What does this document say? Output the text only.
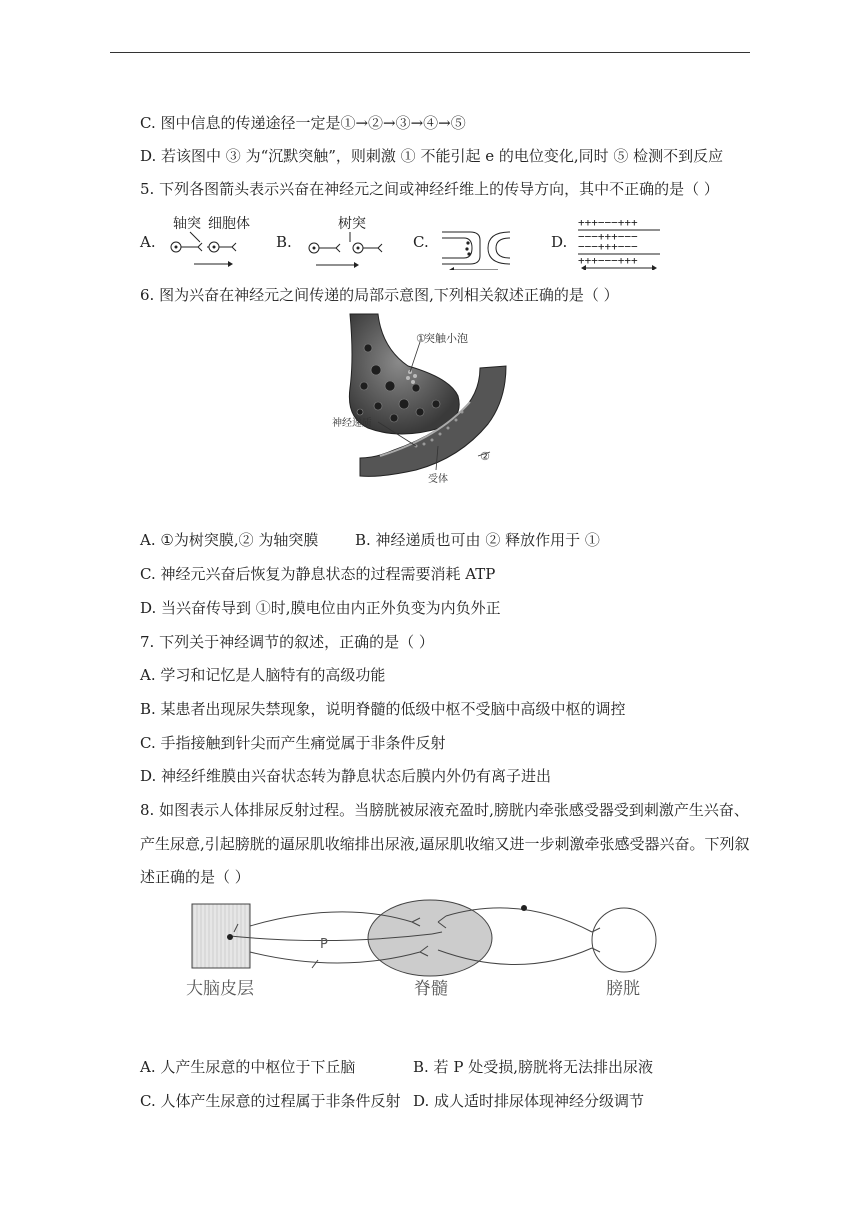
C. 图中信息的传递途径一定是①→②→③→④→⑤
D. 若该图中 ③ 为“沉默突触”，则刺激 ① 不能引起 e 的电位变化,同时 ⑤ 检测不到反应
5. 下列各图箭头表示兴奋在神经元之间或神经纤维上的传导方向，其中不正确的是（ ）
A.	B.	C.	D.
轴突 细胞体	树突	+++−−−+++
−−−+++−−−
−−−+++−−−
+++−−−+++
6. 图为兴奋在神经元之间传递的局部示意图,下列相关叙述正确的是（ ）
①
突触小泡
神经递质
②
受体
A. ①为树突膜,② 为轴突膜 B. 神经递质也可由 ② 释放作用于 ①
C. 神经元兴奋后恢复为静息状态的过程需要消耗 ATP
D. 当兴奋传导到 ①时,膜电位由内正外负变为内负外正
7. 下列关于神经调节的叙述，正确的是（ ）
A. 学习和记忆是人脑特有的高级功能
B. 某患者出现尿失禁现象，说明脊髓的低级中枢不受脑中高级中枢的调控
C. 手指接触到针尖而产生痛觉属于非条件反射
D. 神经纤维膜由兴奋状态转为静息状态后膜内外仍有离子进出
8. 如图表示人体排尿反射过程。当膀胱被尿液充盈时,膀胱内牵张感受器受到刺激产生兴奋、
产生尿意,引起膀胱的逼尿肌收缩排出尿液,逼尿肌收缩又进一步刺激牵张感受器兴奋。下列叙
述正确的是（ ）
P
大脑皮层	脊髓	膀胱
A. 人产生尿意的中枢位于下丘脑	B. 若 P 处受损,膀胱将无法排出尿液
C. 人体产生尿意的过程属于非条件反射 D. 成人适时排尿体现神经分级调节
